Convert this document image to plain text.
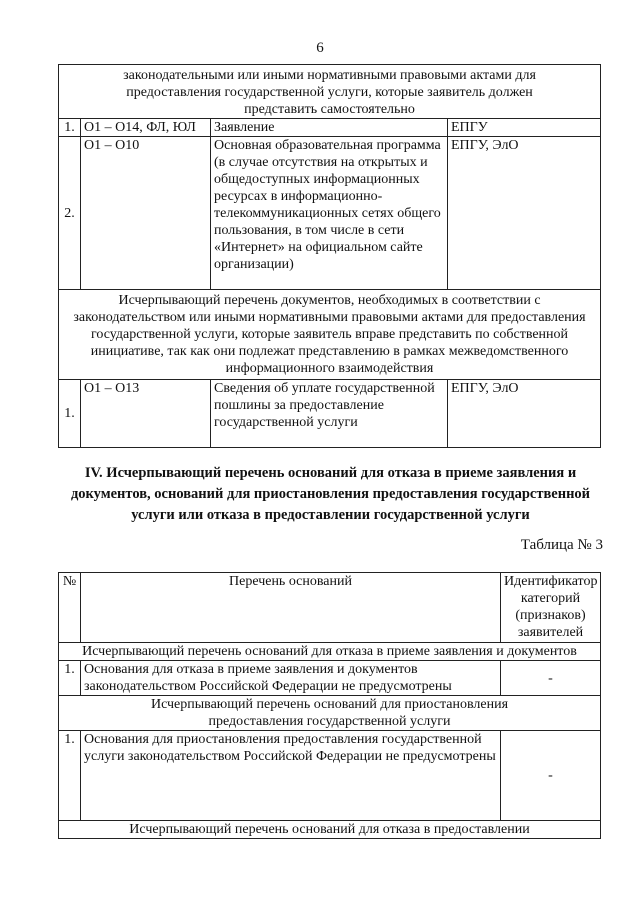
6
законодательными или иными нормативными правовыми актами для предоставления государственной услуги, которые заявитель должен представить самостоятельно			
1.	О1 – О14, ФЛ, ЮЛ	Заявление	ЕПГУ
2.	О1 – О10	Основная образовательная программа (в случае отсутствия на открытых и общедоступных информационных ресурсах в информационно-телекоммуникационных сетях общего пользования, в том числе в сети «Интернет» на официальном сайте организации)	ЕПГУ, ЭлО
Исчерпывающий перечень документов, необходимых в соответствии с законодательством или иными нормативными правовыми актами для предоставления государственной услуги, которые заявитель вправе представить по собственной инициативе, так как они подлежат представлению в рамках межведомственного информационного взаимодействия			
1.	О1 – О13	Сведения об уплате государственной пошлины за предоставление государственной услуги	ЕПГУ, ЭлО
IV. Исчерпывающий перечень оснований для отказа в приеме заявления и документов, оснований для приостановления предоставления государственной услуги или отказа в предоставлении государственной услуги
Таблица № 3
№	Перечень оснований	Идентификатор категорий (признаков) заявителей
Исчерпывающий перечень оснований для отказа в приеме заявления и документов		
1.	Основания для отказа в приеме заявления и документов законодательством Российской Федерации не предусмотрены	-
Исчерпывающий перечень оснований для приостановления предоставления государственной услуги		
1.	Основания для приостановления предоставления государственной услуги законодательством Российской Федерации не предусмотрены	-
Исчерпывающий перечень оснований для отказа в предоставлении		
